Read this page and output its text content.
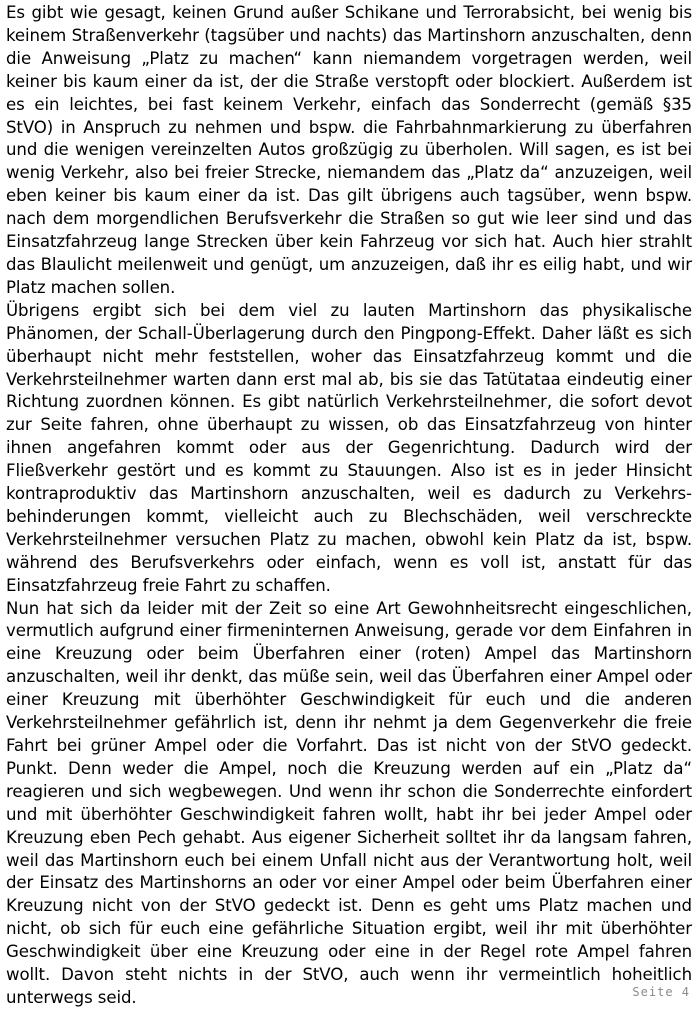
Es gibt wie gesagt, keinen Grund außer Schikane und Terrorabsicht, bei wenig bis keinem Straßenverkehr (tagsüber und nachts) das Martinshorn anzuschalten, denn die Anweisung „Platz zu machen“ kann niemandem vorgetragen werden, weil keiner bis kaum einer da ist, der die Straße verstopft oder blockiert. Außerdem ist es ein leichtes, bei fast keinem Verkehr, einfach das Sonderrecht (gemäß §35 StVO) in Anspruch zu nehmen und bspw. die Fahrbahnmarkierung zu überfahren und die wenigen vereinzelten Autos großzügig zu überholen. Will sagen, es ist bei wenig Verkehr, also bei freier Strecke, niemandem das „Platz da“ anzuzeigen, weil eben keiner bis kaum einer da ist. Das gilt übrigens auch tagsüber, wenn bspw. nach dem morgendlichen Berufsverkehr die Straßen so gut wie leer sind und das Einsatzfahrzeug lange Strecken über kein Fahrzeug vor sich hat. Auch hier strahlt das Blaulicht meilenweit und genügt, um anzuzeigen, daß ihr es eilig habt, und wir Platz machen sollen.

Übrigens ergibt sich bei dem viel zu lauten Martinshorn das physikalische Phänomen, der Schall-Überlagerung durch den Pingpong-Effekt. Daher läßt es sich überhaupt nicht mehr feststellen, woher das Einsatzfahrzeug kommt und die Verkehrsteilnehmer warten dann erst mal ab, bis sie das Tatütataa eindeutig einer Richtung zuordnen können. Es gibt natürlich Verkehrsteilnehmer, die sofort devot zur Seite fahren, ohne überhaupt zu wissen, ob das Einsatzfahrzeug von hinter ihnen angefahren kommt oder aus der Gegenrichtung. Dadurch wird der Fließverkehr gestört und es kommt zu Stauungen. Also ist es in jeder Hinsicht kontraproduktiv das Martinshorn anzuschalten, weil es dadurch zu Verkehrsbehinderungen kommt, vielleicht auch zu Blechschäden, weil verschreckte Verkehrsteilnehmer versuchen Platz zu machen, obwohl kein Platz da ist, bspw. während des Berufsverkehrs oder einfach, wenn es voll ist, anstatt für das Einsatzfahrzeug freie Fahrt zu schaffen.

Nun hat sich da leider mit der Zeit so eine Art Gewohnheitsrecht eingeschlichen, vermutlich aufgrund einer firmeninternen Anweisung, gerade vor dem Einfahren in eine Kreuzung oder beim Überfahren einer (roten) Ampel das Martinshorn anzuschalten, weil ihr denkt, das müße sein, weil das Überfahren einer Ampel oder einer Kreuzung mit überhöhter Geschwindigkeit für euch und die anderen Verkehrsteilnehmer gefährlich ist, denn ihr nehmt ja dem Gegenverkehr die freie Fahrt bei grüner Ampel oder die Vorfahrt. Das ist nicht von der StVO gedeckt. Punkt. Denn weder die Ampel, noch die Kreuzung werden auf ein „Platz da“ reagieren und sich wegbewegen. Und wenn ihr schon die Sonderrechte einfordert und mit überhöhter Geschwindigkeit fahren wollt, habt ihr bei jeder Ampel oder Kreuzung eben Pech gehabt. Aus eigener Sicherheit solltet ihr da langsam fahren, weil das Martinshorn euch bei einem Unfall nicht aus der Verantwortung holt, weil der Einsatz des Martinshorns an oder vor einer Ampel oder beim Überfahren einer Kreuzung nicht von der StVO gedeckt ist. Denn es geht ums Platz machen und nicht, ob sich für euch eine gefährliche Situation ergibt, weil ihr mit überhöhter Geschwindigkeit über eine Kreuzung oder eine in der Regel rote Ampel fahren wollt. Davon steht nichts in der StVO, auch wenn ihr vermeintlich hoheitlich unterwegs seid.	Seite 4
